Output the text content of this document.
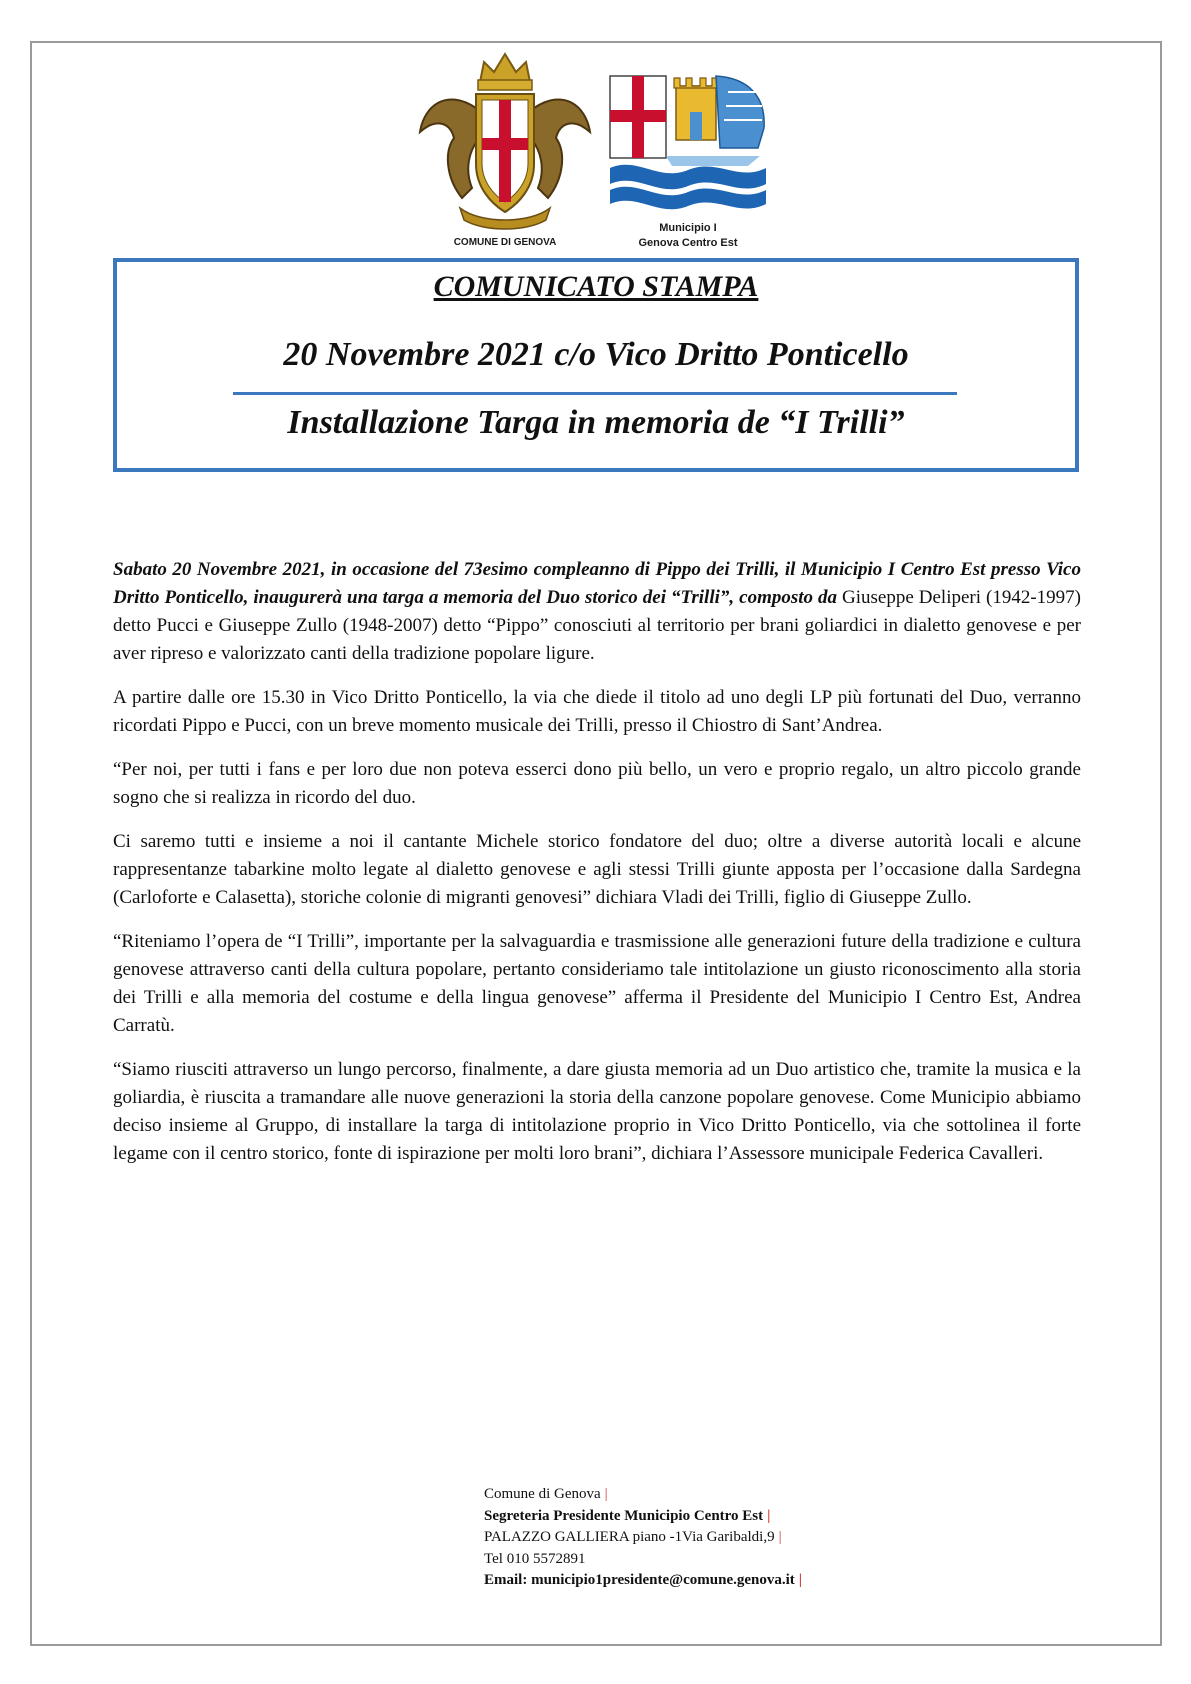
COMUNE DI GENOVA
Municipio I
Genova Centro Est
COMUNICATO STAMPA
20 Novembre 2021 c/o Vico Dritto Ponticello
Installazione Targa in memoria de “I Trilli”

Sabato 20 Novembre 2021, in occasione del 73esimo compleanno di Pippo dei Trilli, il Municipio I Centro Est presso Vico Dritto Ponticello, inaugurerà una targa a memoria del Duo storico dei “Trilli”, composto da Giuseppe Deliperi (1942-1997) detto Pucci e Giuseppe Zullo (1948-2007) detto “Pippo” conosciuti al territorio per brani goliardici in dialetto genovese e per aver ripreso e valorizzato canti della tradizione popolare ligure.

A partire dalle ore 15.30 in Vico Dritto Ponticello, la via che diede il titolo ad uno degli LP più fortunati del Duo, verranno ricordati Pippo e Pucci, con un breve momento musicale dei Trilli, presso il Chiostro di Sant’Andrea.

“Per noi, per tutti i fans e per loro due non poteva esserci dono più bello, un vero e proprio regalo, un altro piccolo grande sogno che si realizza in ricordo del duo.

Ci saremo tutti e insieme a noi il cantante Michele storico fondatore del duo; oltre a diverse autorità locali e alcune rappresentanze tabarkine molto legate al dialetto genovese e agli stessi Trilli giunte apposta per l’occasione dalla Sardegna (Carloforte e Calasetta), storiche colonie di migranti genovesi” dichiara Vladi dei Trilli, figlio di Giuseppe Zullo.

“Riteniamo l’opera de “I Trilli”, importante per la salvaguardia e trasmissione alle generazioni future della tradizione e cultura genovese attraverso canti della cultura popolare, pertanto consideriamo tale intitolazione un giusto riconoscimento alla storia dei Trilli e alla memoria del costume e della lingua genovese” afferma il Presidente del Municipio I Centro Est, Andrea Carratù.

“Siamo riusciti attraverso un lungo percorso, finalmente, a dare giusta memoria ad un Duo artistico che, tramite la musica e la goliardia, è riuscita a tramandare alle nuove generazioni la storia della canzone popolare genovese. Come Municipio abbiamo deciso insieme al Gruppo, di installare la targa di intitolazione proprio in Vico Dritto Ponticello, via che sottolinea il forte legame con il centro storico, fonte di ispirazione per molti loro brani”, dichiara l’Assessore municipale Federica Cavalleri.

Comune di Genova |
Segreteria Presidente Municipio Centro Est |
PALAZZO GALLIERA piano -1Via Garibaldi,9 |
Tel 010 5572891
Email: municipio1presidente@comune.genova.it |
